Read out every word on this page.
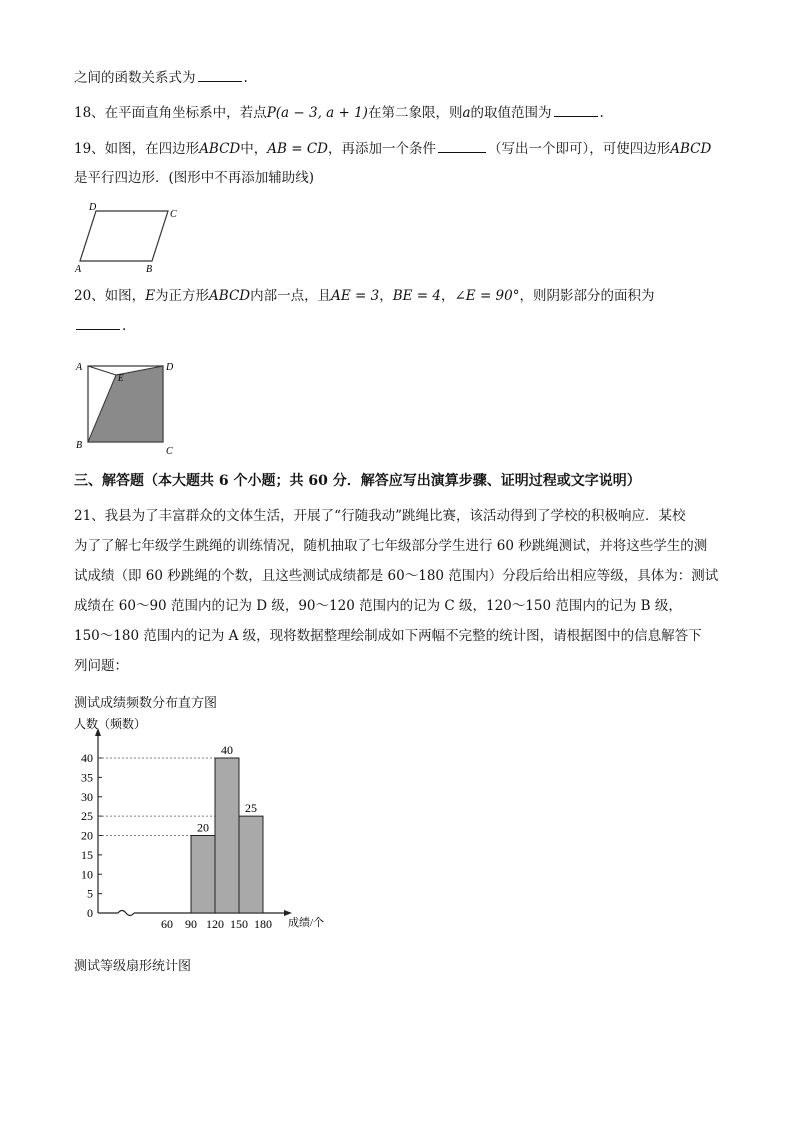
之间的函数关系式为	.
18、在平面直角坐标系中，若点P(a − 3, a + 1)在第二象限，则a的取值范围为	.
19、如图，在四边形ABCD中，AB = CD，再添加一个条件	（写出一个即可），可使四边形ABCD
是平行四边形．(图形中不再添加辅助线)
D
C
A	B
20、如图，E为正方形ABCD内部一点，且AE = 3，BE = 4，∠E = 90°，则阴影部分的面积为
.
A	D
E
B
C
三、解答题（本大题共 6 个小题；共 60 分．解答应写出演算步骤、证明过程或文字说明）
21、我县为了丰富群众的文体生活，开展了“行随我动”跳绳比赛，该活动得到了学校的积极响应．某校
为了了解七年级学生跳绳的训练情况，随机抽取了七年级部分学生进行 60 秒跳绳测试，并将这些学生的测
试成绩（即 60 秒跳绳的个数，且这些测试成绩都是 60～180 范围内）分段后给出相应等级，具体为：测试
成绩在 60～90 范围内的记为 D 级，90～120 范围内的记为 C 级，120～150 范围内的记为 B 级，
150～180 范围内的记为 A 级，现将数据整理绘制成如下两幅不完整的统计图，请根据图中的信息解答下
列问题：
测试成绩频数分布直方图
0
5
10
15
20
25
30
35
40
20
40
25
60 90 120 150 180
人数（频数）
成绩/个
测试等级扇形统计图
